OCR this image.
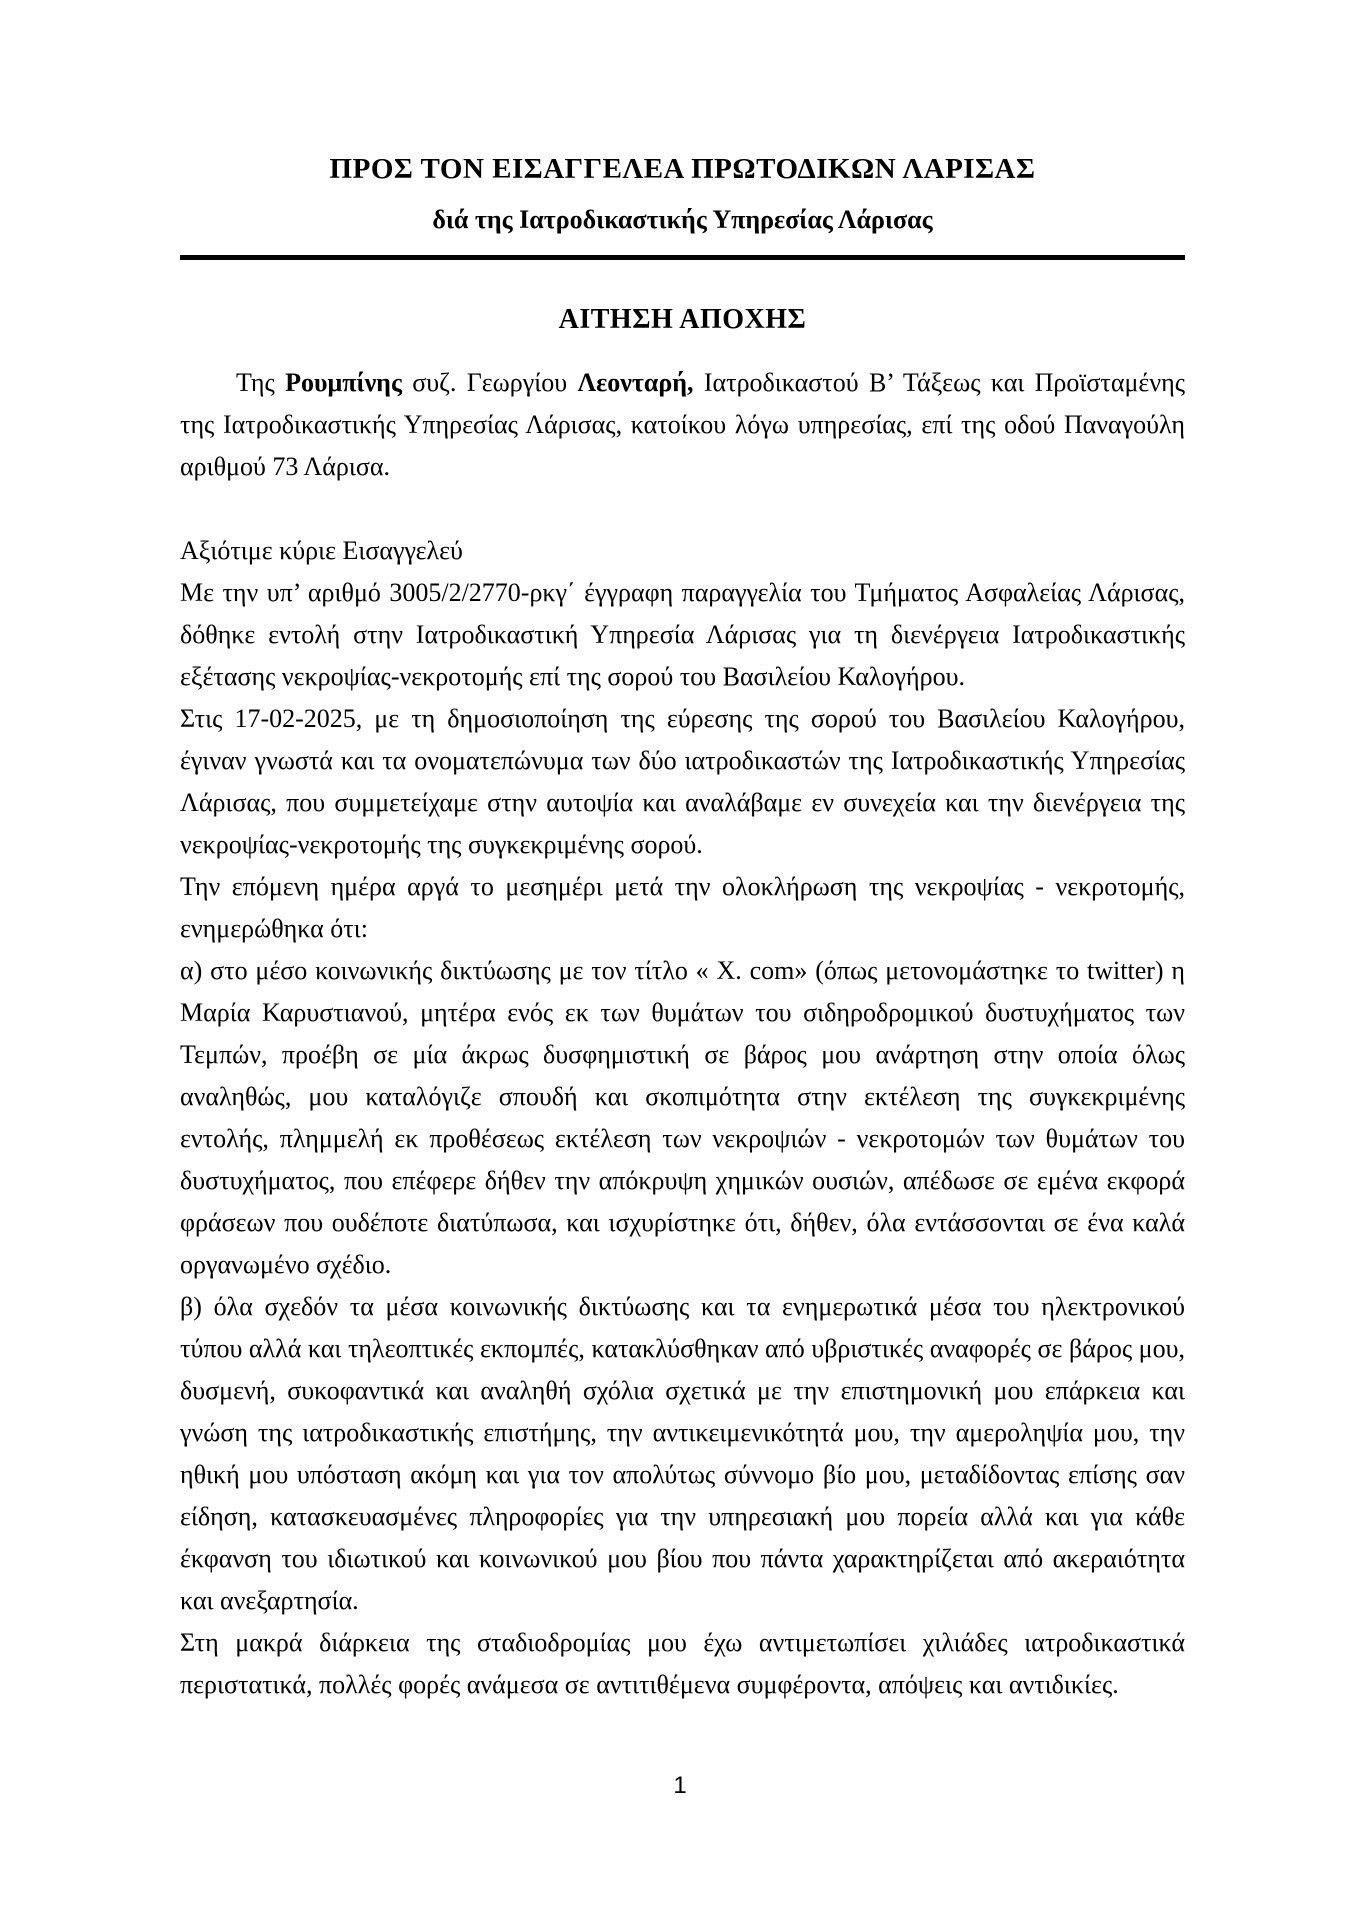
ΠΡΟΣ ΤΟΝ ΕΙΣΑΓΓΕΛΕΑ ΠΡΩΤΟΔΙΚΩΝ ΛΑΡΙΣΑΣ
διά της Ιατροδικαστικής Υπηρεσίας Λάρισας
ΑΙΤΗΣΗ ΑΠΟΧΗΣ

Της Ρουμπίνης συζ. Γεωργίου Λεονταρή, Ιατροδικαστού Β’ Τάξεως και Προϊσταμένης της Ιατροδικαστικής Υπηρεσίας Λάρισας, κατοίκου λόγω υπηρεσίας, επί της οδού Παναγούλη αριθμού 73 Λάρισα.

Αξιότιμε κύριε Εισαγγελεύ

Με την υπ’ αριθμό 3005/2/2770-ρκγ΄ έγγραφη παραγγελία του Τμήματος Ασφαλείας Λάρισας, δόθηκε εντολή στην Ιατροδικαστική Υπηρεσία Λάρισας για τη διενέργεια Ιατροδικαστικής εξέτασης νεκροψίας-νεκροτομής επί της σορού του Βασιλείου Καλογήρου.

Στις 17-02-2025, με τη δημοσιοποίηση της εύρεσης της σορού του Βασιλείου Καλογήρου, έγιναν γνωστά και τα ονοματεπώνυμα των δύο ιατροδικαστών της Ιατροδικαστικής Υπηρεσίας Λάρισας, που συμμετείχαμε στην αυτοψία και αναλάβαμε εν συνεχεία και την διενέργεια της νεκροψίας-νεκροτομής της συγκεκριμένης σορού.

Την επόμενη ημέρα αργά το μεσημέρι μετά την ολοκλήρωση της νεκροψίας - νεκροτομής, ενημερώθηκα ότι:

α) στο μέσο κοινωνικής δικτύωσης με τον τίτλο « Χ. com» (όπως μετονομάστηκε το twitter) η Μαρία Καρυστιανού, μητέρα ενός εκ των θυμάτων του σιδηροδρομικού δυστυχήματος των Τεμπών, προέβη σε μία άκρως δυσφημιστική σε βάρος μου ανάρτηση στην οποία όλως αναληθώς, μου καταλόγιζε σπουδή και σκοπιμότητα στην εκτέλεση της συγκεκριμένης εντολής, πλημμελή εκ προθέσεως εκτέλεση των νεκροψιών - νεκροτομών των θυμάτων του δυστυχήματος, που επέφερε δήθεν την απόκρυψη χημικών ουσιών, απέδωσε σε εμένα εκφορά φράσεων που ουδέποτε διατύπωσα, και ισχυρίστηκε ότι, δήθεν, όλα εντάσσονται σε ένα καλά οργανωμένο σχέδιο.

β) όλα σχεδόν τα μέσα κοινωνικής δικτύωσης και τα ενημερωτικά μέσα του ηλεκτρονικού τύπου αλλά και τηλεοπτικές εκπομπές, κατακλύσθηκαν από υβριστικές αναφορές σε βάρος μου, δυσμενή, συκοφαντικά και αναληθή σχόλια σχετικά με την επιστημονική μου επάρκεια και γνώση της ιατροδικαστικής επιστήμης, την αντικειμενικότητά μου, την αμεροληψία μου, την ηθική μου υπόσταση ακόμη και για τον απολύτως σύννομο βίο μου, μεταδίδοντας επίσης σαν είδηση, κατασκευασμένες πληροφορίες για την υπηρεσιακή μου πορεία αλλά και για κάθε έκφανση του ιδιωτικού και κοινωνικού μου βίου που πάντα χαρακτηρίζεται από ακεραιότητα και ανεξαρτησία.

Στη μακρά διάρκεια της σταδιοδρομίας μου έχω αντιμετωπίσει χιλιάδες ιατροδικαστικά περιστατικά, πολλές φορές ανάμεσα σε αντιτιθέμενα συμφέροντα, απόψεις και αντιδικίες.

1
